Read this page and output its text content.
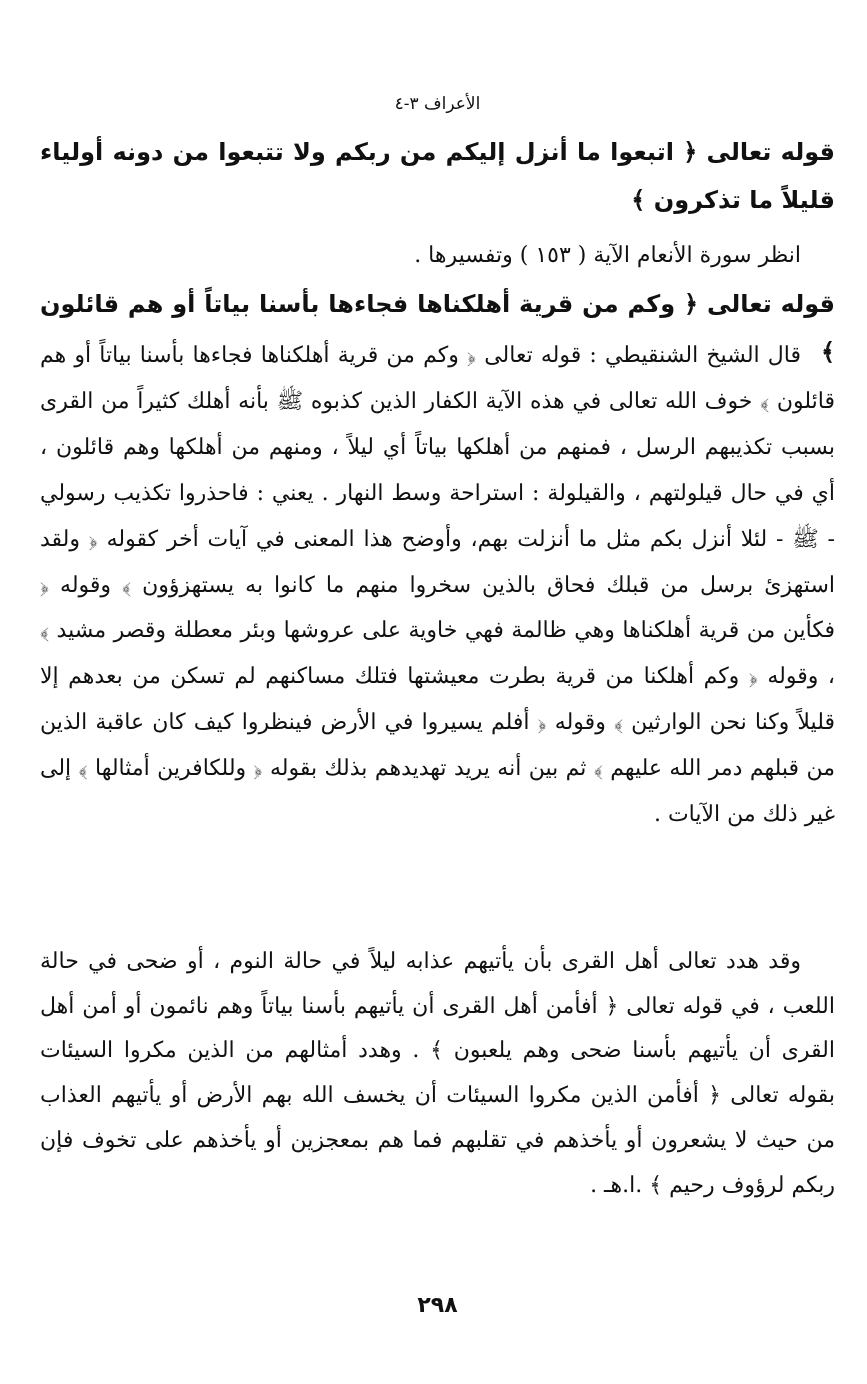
الأعراف ٣-٤
قوله تعالى ﴿ اتبعوا ما أنزل إليكم من ربكم ولا تتبعوا من دونه أولياء قليلاً ما تذكرون ﴾
انظر سورة الأنعام الآية ( ١٥٣ ) وتفسيرها .
قوله تعالى ﴿ وكم من قرية أهلكناها فجاءها بأسنا بياتاً أو هم قائلون ﴾
قال الشيخ الشنقيطي : قوله تعالى ﴿ وكم من قرية أهلكناها فجاءها بأسنا بياتاً أو هم قائلون ﴾ خوف الله تعالى في هذه الآية الكفار الذين كذبوه ﷺ بأنه أهلك كثيراً من القرى بسبب تكذيبهم الرسل ، فمنهم من أهلكها بياتاً أي ليلاً ، ومنهم من أهلكها وهم قائلون ، أي في حال قيلولتهم ، والقيلولة : استراحة وسط النهار . يعني : فاحذروا تكذيب رسولي - ﷺ - لئلا أنزل بكم مثل ما أنزلت بهم، وأوضح هذا المعنى في آيات أخر كقوله ﴿ ولقد استهزئ برسل من قبلك فحاق بالذين سخروا منهم ما كانوا به يستهزؤون ﴾ وقوله ﴿ فكأين من قرية أهلكناها وهي ظالمة فهي خاوية على عروشها وبئر معطلة وقصر مشيد ﴾ ، وقوله ﴿ وكم أهلكنا من قرية بطرت معيشتها فتلك مساكنهم لم تسكن من بعدهم إلا قليلاً وكنا نحن الوارثين ﴾ وقوله ﴿ أفلم يسيروا في الأرض فينظروا كيف كان عاقبة الذين من قبلهم دمر الله عليهم ﴾ ثم بين أنه يريد تهديدهم بذلك بقوله ﴿ وللكافرين أمثالها ﴾ إلى غير ذلك من الآيات .
وقد هدد تعالى أهل القرى بأن يأتيهم عذابه ليلاً في حالة النوم ، أو ضحى في حالة اللعب ، في قوله تعالى ﴿ أفأمن أهل القرى أن يأتيهم بأسنا بياتاً وهم نائمون أو أمن أهل القرى أن يأتيهم بأسنا ضحى وهم يلعبون ﴾ . وهدد أمثالهم من الذين مكروا السيئات بقوله تعالى ﴿ أفأمن الذين مكروا السيئات أن يخسف الله بهم الأرض أو يأتيهم العذاب من حيث لا يشعرون أو يأخذهم في تقلبهم فما هم بمعجزين أو يأخذهم على تخوف فإن ربكم لرؤوف رحيم ﴾ .ا.هـ .
٢٩٨
